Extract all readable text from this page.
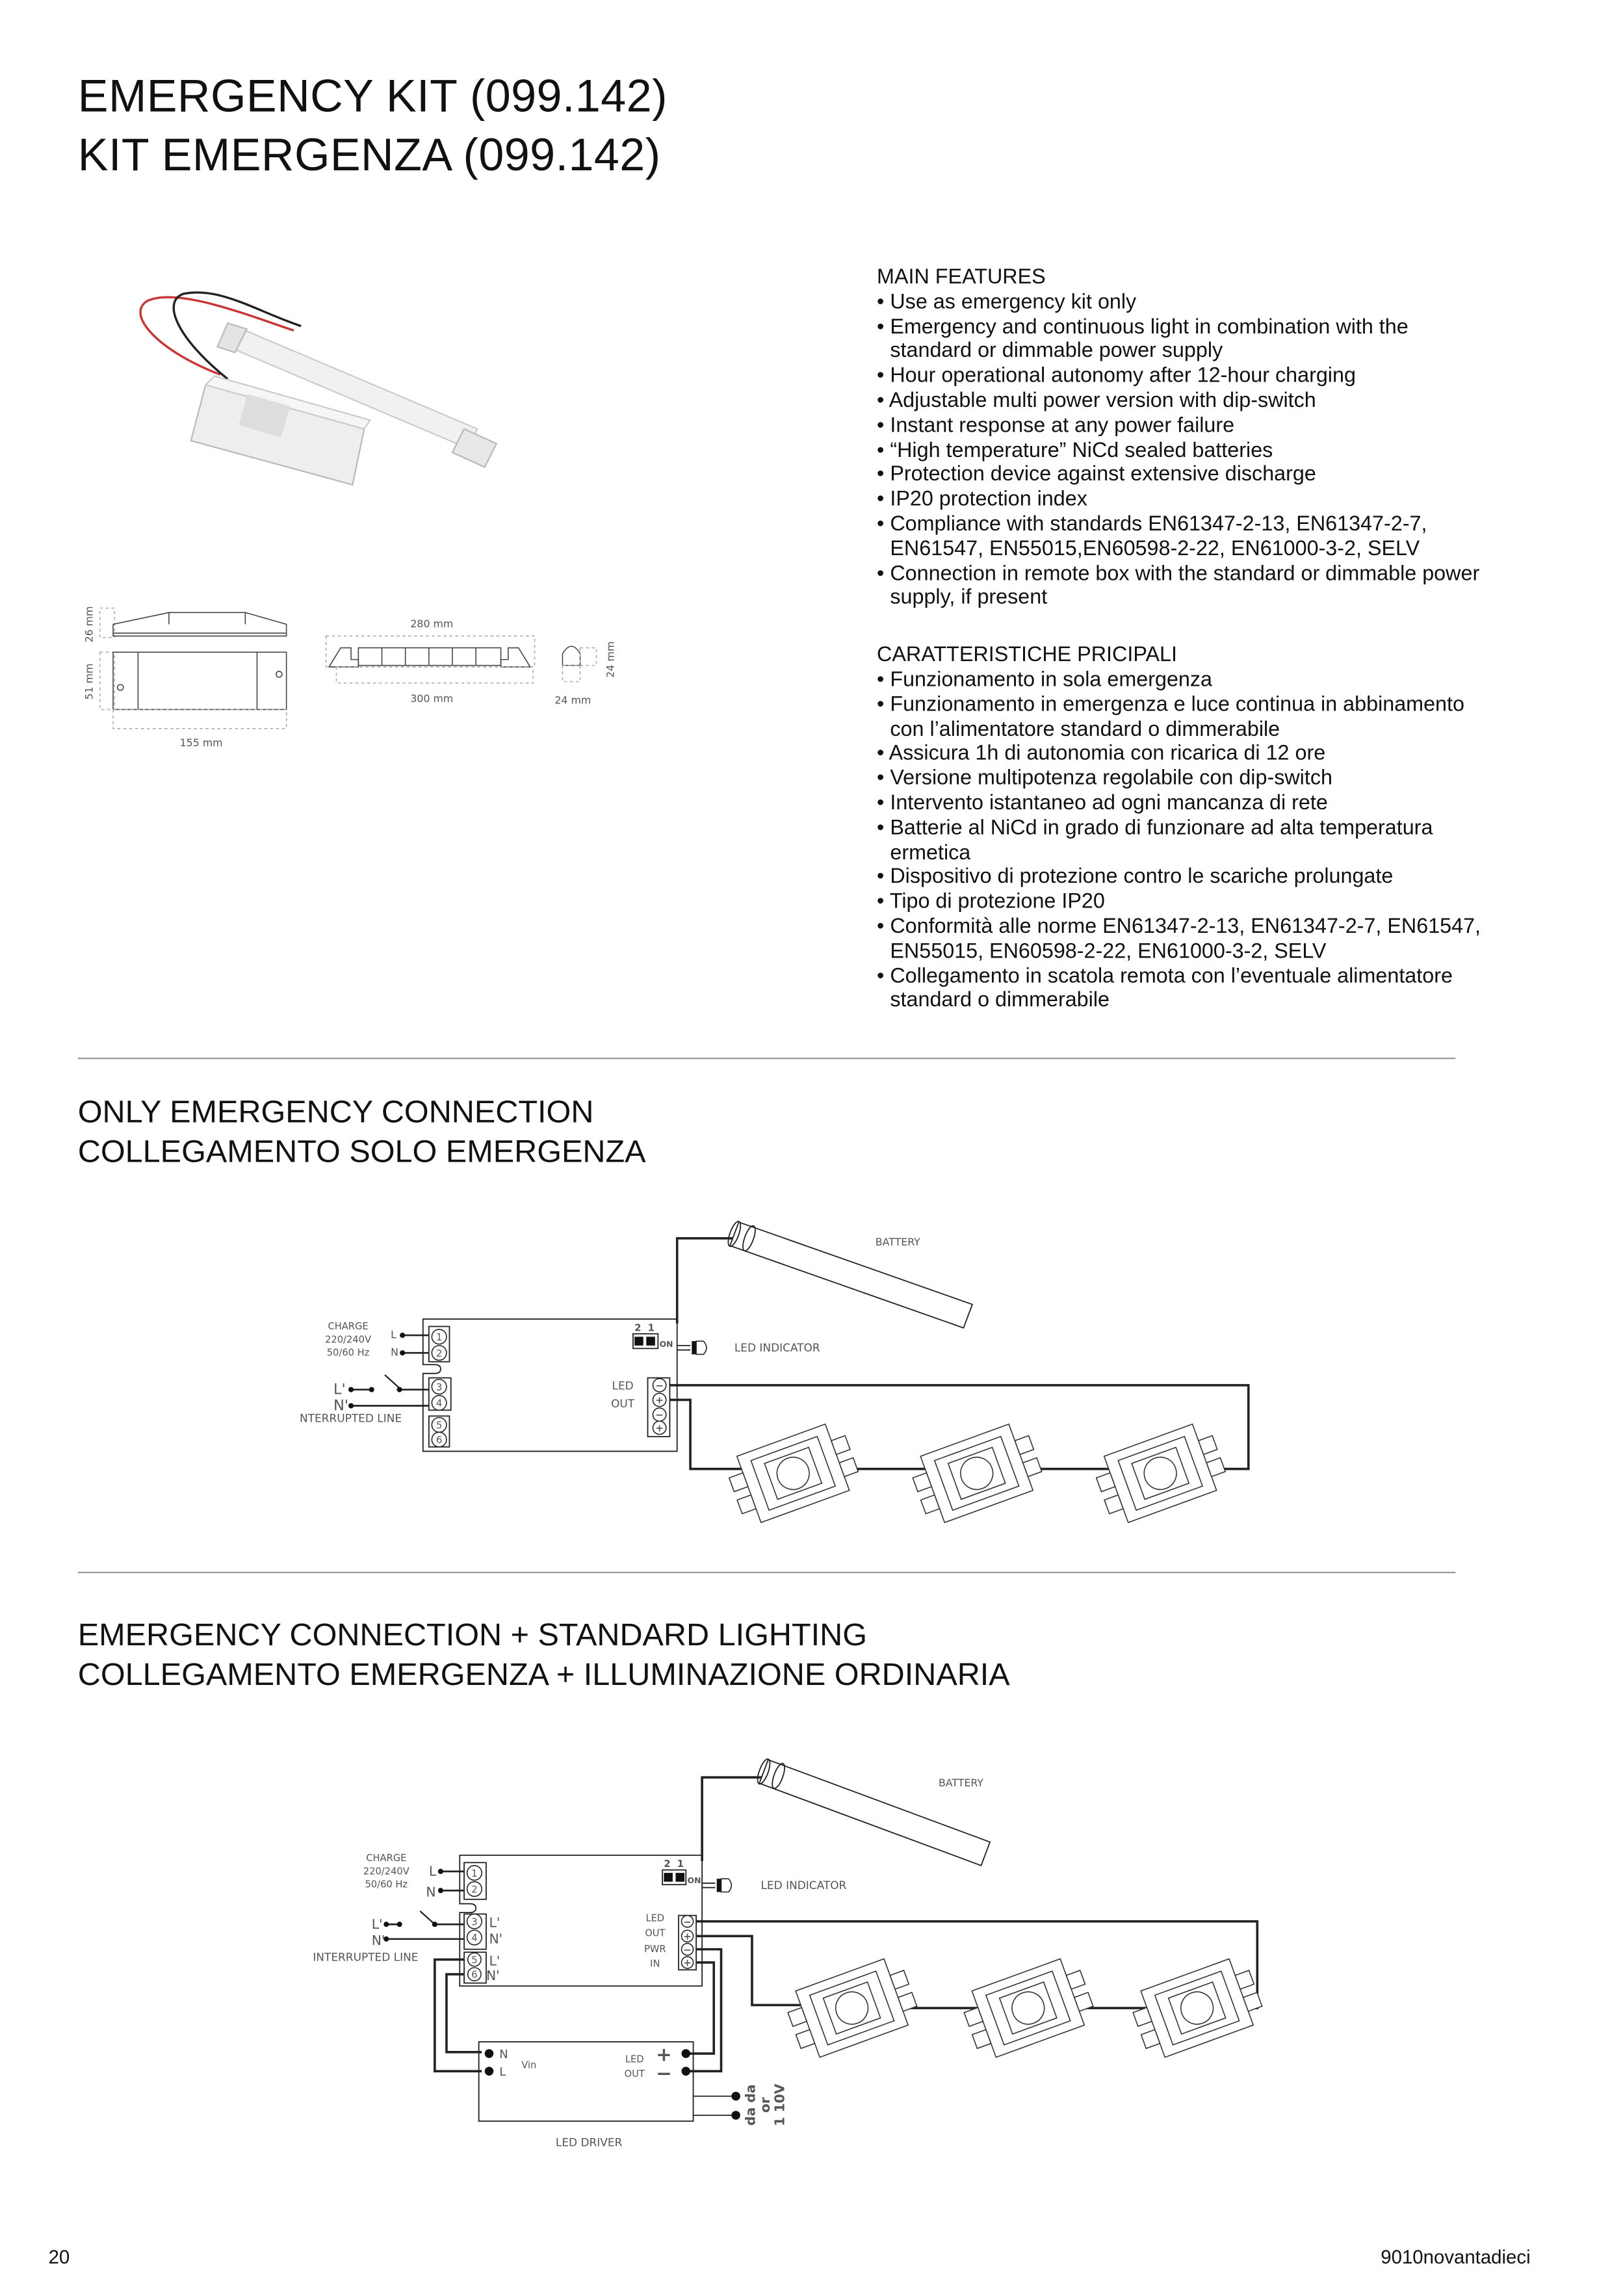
EMERGENCY KIT (099.142)
KIT EMERGENZA (099.142)
26 mm
51 mm
155 mm
280 mm
300 mm	24 mm
24 mm
MAIN FEATURES
• Use as emergency kit only
• Emergency and continuous light in combination with the standard or dimmable power supply
• Hour operational autonomy after 12-hour charging
• Adjustable multi power version with dip-switch
• Instant response at any power failure
• “High temperature” NiCd sealed batteries
• Protection device against extensive discharge
• IP20 protection index
• Compliance with standards EN61347-2-13, EN61347-2-7, EN61547, EN55015,EN60598-2-22, EN61000-3-2, SELV
• Connection in remote box with the standard or dimmable power supply, if present
CARATTERISTICHE PRICIPALI
• Funzionamento in sola emergenza
• Funzionamento in emergenza e luce continua in abbinamento con l’alimentatore standard o dimmerabile
• Assicura 1h di autonomia con ricarica di 12 ore
• Versione multipotenza regolabile con dip-switch
• Intervento istantaneo ad ogni mancanza di rete
• Batterie al NiCd in grado di funzionare ad alta temperatura ermetica
• Dispositivo di protezione contro le scariche prolungate
• Tipo di protezione IP20
• Conformità alle norme EN61347-2-13, EN61347-2-7, EN61547, EN55015, EN60598-2-22, EN61000-3-2, SELV
• Collegamento in scatola remota con l’eventuale alimentatore standard o dimmerabile
ONLY EMERGENCY CONNECTION
COLLEGAMENTO SOLO EMERGENZA
CHARGE
220/240V
50/60 Hz
1
2
3
4
5
6
−
+
−
+
LED
OUT
L
N
L'
N'
NTERRUPTED LINE
2  1
ON	LED INDICATOR
BATTERY
EMERGENCY CONNECTION + STANDARD LIGHTING
COLLEGAMENTO EMERGENZA + ILLUMINAZIONE ORDINARIA
CHARGE
220/240V
50/60 Hz
1
2
3
4
5
6
−
+
−
+
LED
OUT
PWR
IN
LED
OUT
+
−
LED DRIVER
L
N
L'
N'
L'
N'
L'
N'
INTERRUPTED LINE
N
L	Vin
2  1
ON	LED INDICATOR
BATTERY
da da
or
1 10V
20	9010novantadieci
